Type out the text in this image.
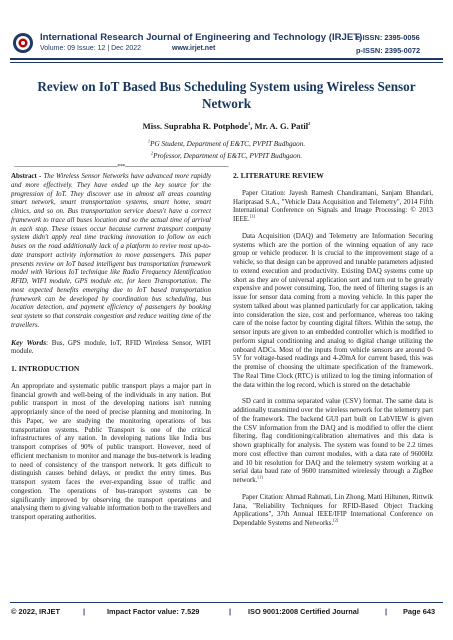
International Research Journal of Engineering and Technology (IRJET)
Volume: 09 Issue: 12 | Dec 2022	www.irjet.net
e-ISSN: 2395-0056
p-ISSN: 2395-0072
Review on IoT Based Bus Scheduling System using Wireless Sensor Network
Miss. Suprabha R. Potphode$^1$, Mr. A. G. Patil$^2$
$^1$PG Student, Department of E&TC, PVPIT Budhgaon.
$^2$Professor, Department of E&TC, PVPIT Budhgaon.
---------------------------------------------------------------------***---------------------------------------------------------------------
Abstract - The Wireless Sensor Networks have advanced more rapidly and more effectively. They have ended up the key source for the progression of IoT. They discover use in almost all areas counting smart network, smart transportation systems, smart home, smart clinics, and so on. Bus transportation service doesn't have a correct framework to trace all buses location and so the actual time of arrival in each stop. These issues occur because current transport company system didn't apply real time tracking innovation to follow on each buses on the road additionally lack of a platform to revive most up-to-date transport activity information to move passengers. This paper presents review on IoT based intelligent bus transportation framework model with Various IoT technique like Radio Frequency Identification RFID, WIFI module, GPS module etc. for keen Transportation. The most expected benefits emerging due to IoT based transportation framework can be developed by coordination bus scheduling, bus location detection, and payment efficiency of passengers by booking seat system so that constrain congestion and reduce waiting time of the travellers.
Key Words: Bus, GPS module, IoT, RFID Wireless Sensor, WIFI module.
1. INTRODUCTION

An appropriate and systematic public transport plays a major part in financial growth and well-being of the individuals in any nation. But public transport in most of the developing nations isn't running appropriately since of the need of precise planning and monitoring. In this Paper, we are studying the monitoring operations of bus transportation systems. Public Transport is one of the critical infrastructures of any nation. In developing nations like India bus transport comprises of 90% of public transport. However, need of efficient mechanism to monitor and manage the bus-network is leading to need of consistency of the transport network. It gets difficult to distinguish causes behind delays, or predict the entry times. Bus transport system faces the ever-expanding issue of traffic and congestion. The operations of bus-transport systems can be significantly improved by observing the transport operations and analysing them to giving valuable information both to the travellers and transport operating authorities.

2. LITERATURE REVIEW

Paper Citation: Jayesh Ramesh Chandiramani, Sanjam Bhandari, Hariprasad S.A., "Vehicle Data Acquisition and Telemetry", 2014 Fifth International Conference on Signals and Image Processing: © 2013 IEEE.[1]

Data Acquisition (DAQ) and Telemetry are Information Securing systems which are the portion of the winning equation of any race group or vehicle producer. It is crucial to the improvement stage of a vehicle, so that design can be approved and tunable parameters adjusted to extend execution and productivity. Existing DAQ systems come up short as they are of universal application sort and turn out to be greatly expensive and power consuming. Too, the need of filtering stages is an issue for sensor data coming from a moving vehicle. In this paper the system talked about was planned particularly for car application, taking into consideration the size, cost and performance, whereas too taking care of the noise factor by counting digital filters. Within the setup, the sensor inputs are given to an embedded controller which is modified to perform signal conditioning and analog to digital change utilizing the onboard ADCs. Most of the inputs from vehicle sensors are around 0-5V for voltage-based readings and 4-20mA for current based, this was the premise of choosing the ultimate specification of the framework. The Real Time Clock (RTC) is utilized to log the timing information of the data within the log record, which is stored on the detachable

SD card in comma separated value (CSV) format. The same data is additionally transmitted over the wireless network for the telemetry part of the framework. The backend GUI part built on LabVIEW is given the CSV information from the DAQ and is modified to offer the client filtering, flag conditioning/calibration alternatives and this data is shown graphically for analysis. The system was found to be 2.2 times more cost effective than current modules, with a data rate of 9600Hz and 10 bit resolution for DAQ and the telemetry system working at a serial data baud rate of 9600 transmitted wirelessly through a ZigBee network.[1]

Paper Citation: Ahmad Rahmati, Lin Zhong, Matti Hiltunen, Rittwik Jana, "Reliability Techniques for RFID-Based Object Tracking Applications", 37th Annual IEEE/IFIP International Conference on Dependable Systems and Networks.[2]

© 2022, IRJET	|	Impact Factor value: 7.529	| ISO 9001:2008 Certified Journal	| Page 643
